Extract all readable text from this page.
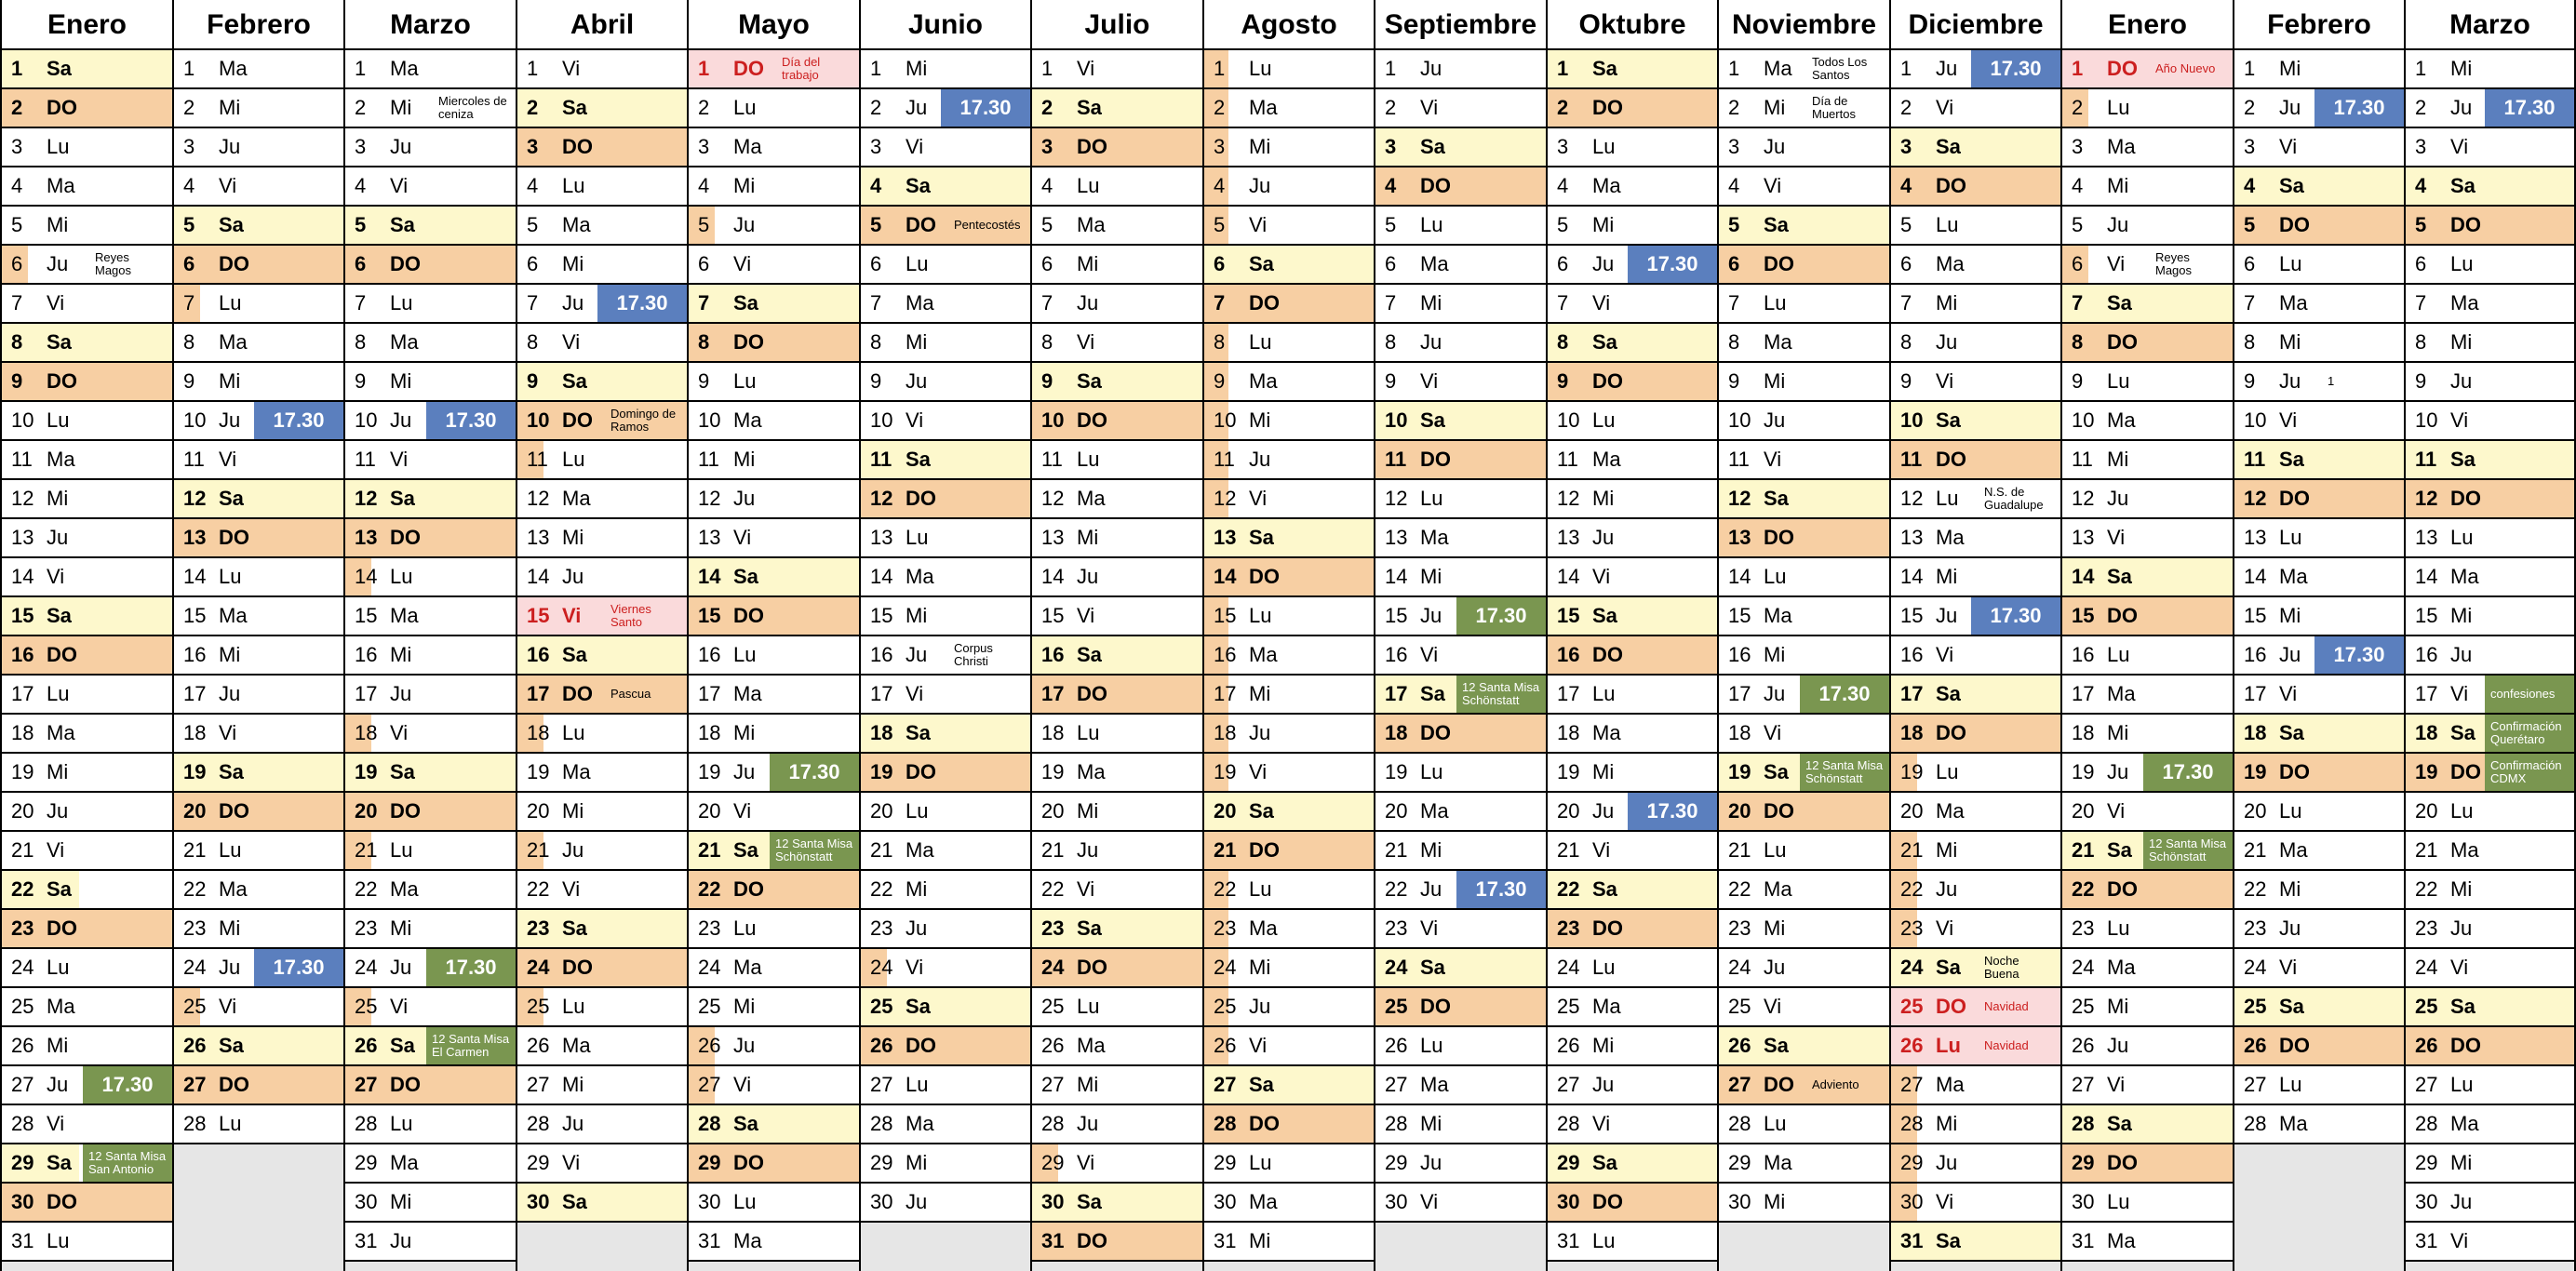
Enero
1 Sa
2 DO
3 Lu
4 Ma
5 Mi
6 Ju Reyes Magos
7 Vi
8 Sa
9 DO
10 Lu
11 Ma
12 Mi
13 Ju
14 Vi
15 Sa
16 DO
17 Lu
18 Ma
19 Mi
20 Ju
21 Vi
22 Sa
23 DO
24 Lu
25 Ma
26 Mi
27 Ju	17.30
28 Vi
29 Sa	12 Santa Misa San Antonio
30 DO
31 Lu
Febrero
1 Ma
2 Mi
3 Ju
4 Vi
5 Sa
6 DO
7 Lu
8 Ma
9 Mi
10 Ju	17.30
11 Vi
12 Sa
13 DO
14 Lu
15 Ma
16 Mi
17 Ju
18 Vi
19 Sa
20 DO
21 Lu
22 Ma
23 Mi
24 Ju	17.30
25 Vi
26 Sa
27 DO
28 Lu
Marzo
1 Ma
2 Mi Miercoles de ceniza
3 Ju
4 Vi
5 Sa
6 DO
7 Lu
8 Ma
9 Mi
10 Ju	17.30
11 Vi
12 Sa
13 DO
14 Lu
15 Ma
16 Mi
17 Ju
18 Vi
19 Sa
20 DO
21 Lu
22 Ma
23 Mi
24 Ju	17.30
25 Vi
26 Sa	12 Santa Misa El Carmen
27 DO
28 Lu
29 Ma
30 Mi
31 Ju
Abril
1 Vi
2 Sa
3 DO
4 Lu
5 Ma
6 Mi
7 Ju	17.30
8 Vi
9 Sa
10 DO Domingo de Ramos
11 Lu
12 Ma
13 Mi
14 Ju
15 Vi Viernes Santo
16 Sa
17 DO Pascua
18 Lu
19 Ma
20 Mi
21 Ju
22 Vi
23 Sa
24 DO
25 Lu
26 Ma
27 Mi
28 Ju
29 Vi
30 Sa
Mayo
1 DO Día del trabajo
2 Lu
3 Ma
4 Mi
5 Ju
6 Vi
7 Sa
8 DO
9 Lu
10 Ma
11 Mi
12 Ju
13 Vi
14 Sa
15 DO
16 Lu
17 Ma
18 Mi
19 Ju	17.30
20 Vi
21 Sa	12 Santa Misa Schönstatt
22 DO
23 Lu
24 Ma
25 Mi
26 Ju
27 Vi
28 Sa
29 DO
30 Lu
31 Ma
Junio
1 Mi
2 Ju	17.30
3 Vi
4 Sa
5 DO Pentecostés
6 Lu
7 Ma
8 Mi
9 Ju
10 Vi
11 Sa
12 DO
13 Lu
14 Ma
15 Mi
16 Ju Corpus Christi
17 Vi
18 Sa
19 DO
20 Lu
21 Ma
22 Mi
23 Ju
24 Vi
25 Sa
26 DO
27 Lu
28 Ma
29 Mi
30 Ju
Julio
1 Vi
2 Sa
3 DO
4 Lu
5 Ma
6 Mi
7 Ju
8 Vi
9 Sa
10 DO
11 Lu
12 Ma
13 Mi
14 Ju
15 Vi
16 Sa
17 DO
18 Lu
19 Ma
20 Mi
21 Ju
22 Vi
23 Sa
24 DO
25 Lu
26 Ma
27 Mi
28 Ju
29 Vi
30 Sa
31 DO
Agosto
1 Lu
2 Ma
3 Mi
4 Ju
5 Vi
6 Sa
7 DO
8 Lu
9 Ma
10 Mi
11 Ju
12 Vi
13 Sa
14 DO
15 Lu
16 Ma
17 Mi
18 Ju
19 Vi
20 Sa
21 DO
22 Lu
23 Ma
24 Mi
25 Ju
26 Vi
27 Sa
28 DO
29 Lu
30 Ma
31 Mi
Septiembre
1 Ju
2 Vi
3 Sa
4 DO
5 Lu
6 Ma
7 Mi
8 Ju
9 Vi
10 Sa
11 DO
12 Lu
13 Ma
14 Mi
15 Ju	17.30
16 Vi
17 Sa	12 Santa Misa Schönstatt
18 DO
19 Lu
20 Ma
21 Mi
22 Ju	17.30
23 Vi
24 Sa
25 DO
26 Lu
27 Ma
28 Mi
29 Ju
30 Vi
Oktubre
1 Sa
2 DO
3 Lu
4 Ma
5 Mi
6 Ju	17.30
7 Vi
8 Sa
9 DO
10 Lu
11 Ma
12 Mi
13 Ju
14 Vi
15 Sa
16 DO
17 Lu
18 Ma
19 Mi
20 Ju	17.30
21 Vi
22 Sa
23 DO
24 Lu
25 Ma
26 Mi
27 Ju
28 Vi
29 Sa
30 DO
31 Lu
Noviembre
1 Ma Todos Los Santos
2 Mi Día de Muertos
3 Ju
4 Vi
5 Sa
6 DO
7 Lu
8 Ma
9 Mi
10 Ju
11 Vi
12 Sa
13 DO
14 Lu
15 Ma
16 Mi
17 Ju	17.30
18 Vi
19 Sa	12 Santa Misa Schönstatt
20 DO
21 Lu
22 Ma
23 Mi
24 Ju
25 Vi
26 Sa
27 DO Adviento
28 Lu
29 Ma
30 Mi
Diciembre
1 Ju	17.30
2 Vi
3 Sa
4 DO
5 Lu
6 Ma
7 Mi
8 Ju
9 Vi
10 Sa
11 DO
12 Lu N.S. de Guadalupe
13 Ma
14 Mi
15 Ju	17.30
16 Vi
17 Sa
18 DO
19 Lu
20 Ma
21 Mi
22 Ju
23 Vi
24 Sa Noche Buena
25 DO Navidad
26 Lu Navidad
27 Ma
28 Mi
29 Ju
30 Vi
31 Sa
Enero
1 DO Año Nuevo
2 Lu
3 Ma
4 Mi
5 Ju
6 Vi	Reyes Magos
7 Sa
8 DO
9 Lu
10 Ma
11 Mi
12 Ju
13 Vi
14 Sa
15 DO
16 Lu
17 Ma
18 Mi
19 Ju	17.30
20 Vi
21 Sa	12 Santa Misa Schönstatt
22 DO
23 Lu
24 Ma
25 Mi
26 Ju
27 Vi
28 Sa
29 DO
30 Lu
31 Ma
Febrero
1 Mi
2 Ju	17.30
3 Vi
4 Sa
5 DO
6 Lu
7 Ma
8 Mi
9 Ju 1
10 Vi
11 Sa
12 DO
13 Lu
14 Ma
15 Mi
16 Ju	17.30
17 Vi
18 Sa
19 DO
20 Lu
21 Ma
22 Mi
23 Ju
24 Vi
25 Sa
26 DO
27 Lu
28 Ma
Marzo
1 Mi
2 Ju	17.30
3 Vi
4 Sa
5 DO
6 Lu
7 Ma
8 Mi
9 Ju
10 Vi
11 Sa
12 DO
13 Lu
14 Ma
15 Mi
16 Ju
17 Vi	confesiones
18 Sa	Confirmación Querétaro
19 DO Confirmación CDMX
20 Lu
21 Ma
22 Mi
23 Ju
24 Vi
25 Sa
26 DO
27 Lu
28 Ma
29 Mi
30 Ju
31 Vi
